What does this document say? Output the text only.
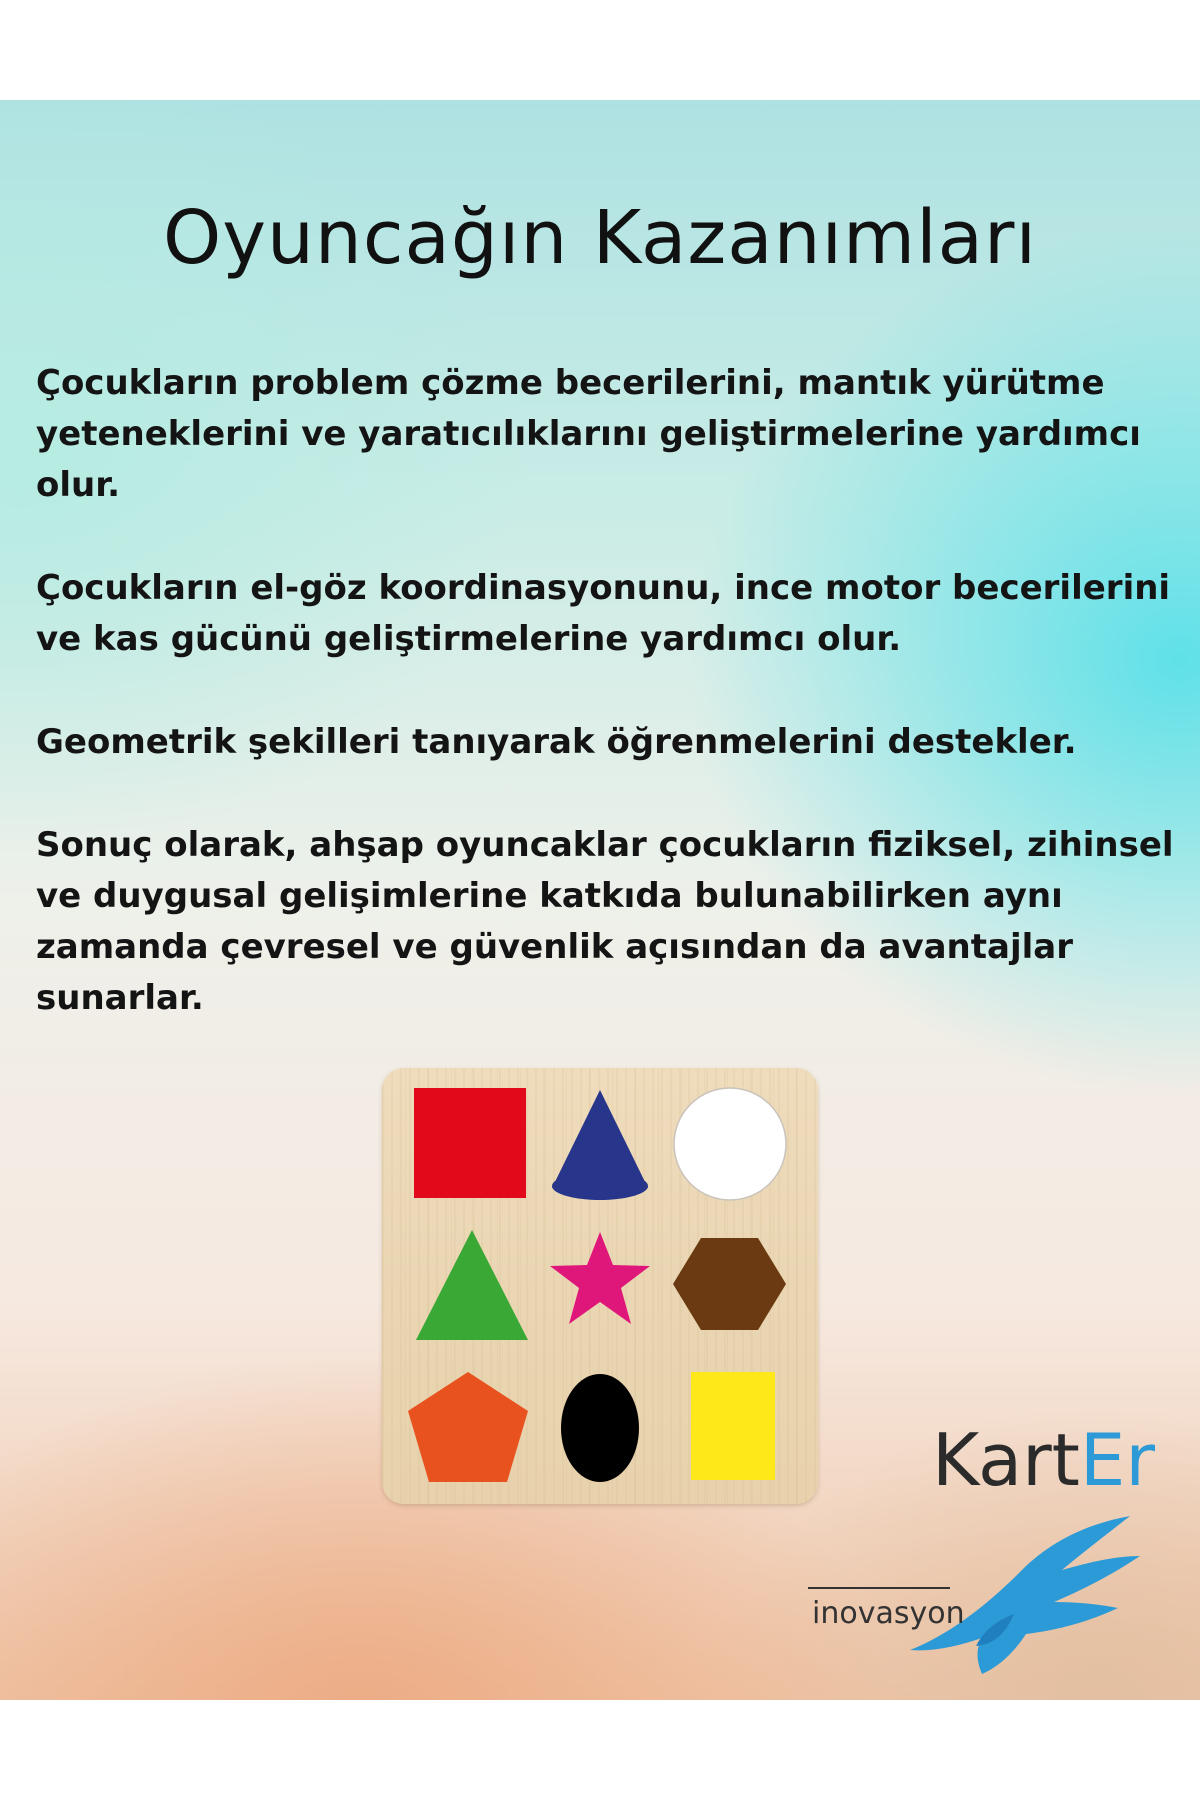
Oyuncağın Kazanımları

Çocukların problem çözme becerilerini, mantık yürütme yeteneklerini ve yaratıcılıklarını geliştirmelerine yardımcı olur.

Çocukların el-göz koordinasyonunu, ince motor becerilerini ve kas gücünü geliştirmelerine yardımcı olur.

Geometrik şekilleri tanıyarak öğrenmelerini destekler.

Sonuç olarak, ahşap oyuncaklar çocukların fiziksel, zihinsel ve duygusal gelişimlerine katkıda bulunabilirken aynı zamanda çevresel ve güvenlik açısından da avantajlar sunarlar.

KartEr
inovasyon
